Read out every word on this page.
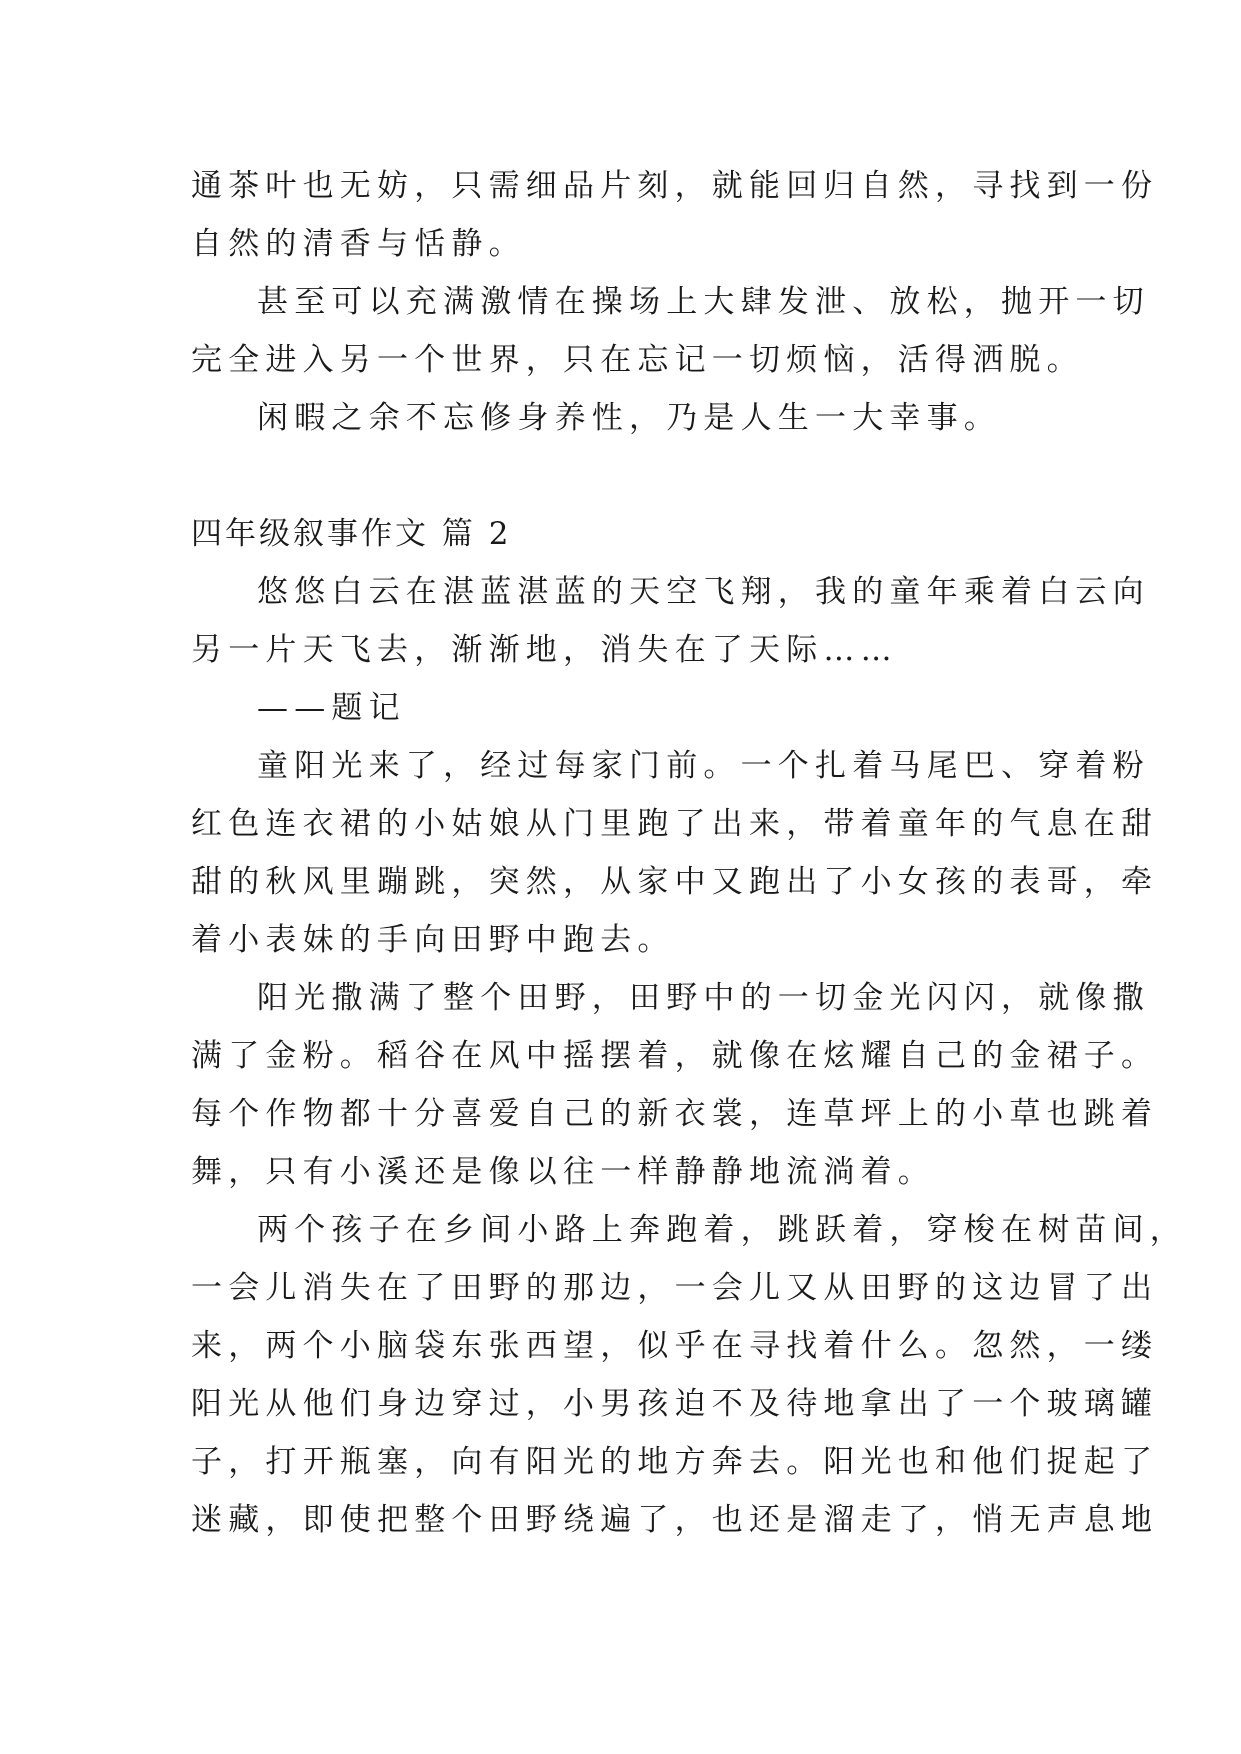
通茶叶也无妨，只需细品片刻，就能回归自然，寻找到一份
自然的清香与恬静。
甚至可以充满激情在操场上大肆发泄、放松，抛开一切
完全进入另一个世界，只在忘记一切烦恼，活得洒脱。
闲暇之余不忘修身养性，乃是人生一大幸事。
四年级叙事作文 篇 2
悠悠白云在湛蓝湛蓝的天空飞翔，我的童年乘着白云向
另一片天飞去，渐渐地，消失在了天际……
——题记
童阳光来了，经过每家门前。一个扎着马尾巴、穿着粉
红色连衣裙的小姑娘从门里跑了出来，带着童年的气息在甜
甜的秋风里蹦跳，突然，从家中又跑出了小女孩的表哥，牵
着小表妹的手向田野中跑去。
阳光撒满了整个田野，田野中的一切金光闪闪，就像撒
满了金粉。稻谷在风中摇摆着，就像在炫耀自己的金裙子。
每个作物都十分喜爱自己的新衣裳，连草坪上的小草也跳着
舞，只有小溪还是像以往一样静静地流淌着。
两个孩子在乡间小路上奔跑着，跳跃着，穿梭在树苗间，
一会儿消失在了田野的那边，一会儿又从田野的这边冒了出
来，两个小脑袋东张西望，似乎在寻找着什么。忽然，一缕
阳光从他们身边穿过，小男孩迫不及待地拿出了一个玻璃罐
子，打开瓶塞，向有阳光的地方奔去。阳光也和他们捉起了
迷藏，即使把整个田野绕遍了，也还是溜走了，悄无声息地
